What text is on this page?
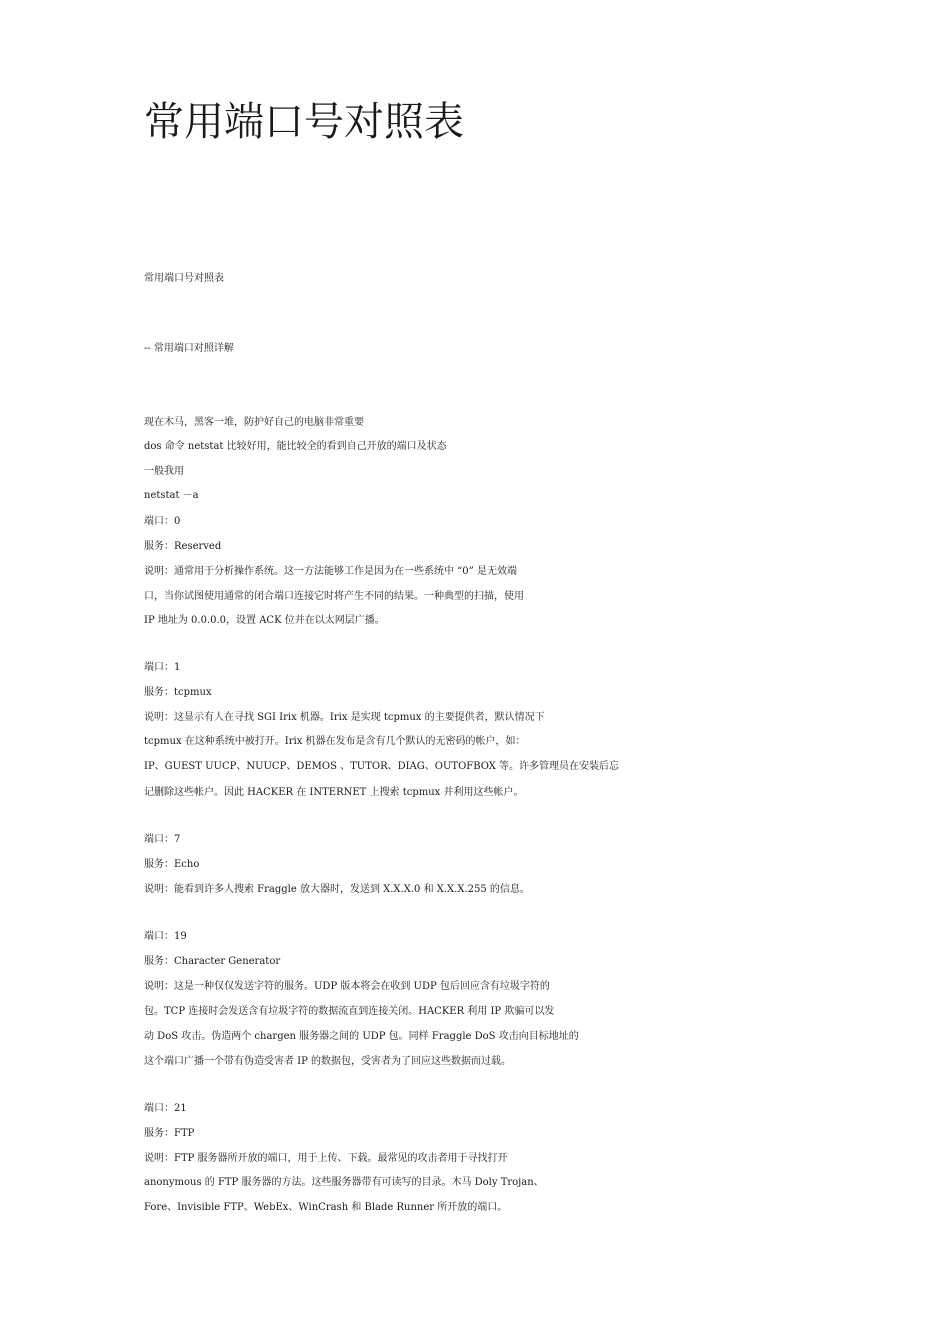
常用端口号对照表

常用端口号对照表

-- 常用端口对照详解

现在木马，黑客一堆，防护好自己的电脑非常重要

dos 命令 netstat 比较好用，能比较全的看到自己开放的端口及状态

一般我用

netstat －a

端口：0

服务：Reserved

说明：通常用于分析操作系统。这一方法能够工作是因为在一些系统中 “0” 是无效端

口，当你试图使用通常的闭合端口连接它时将产生不同的结果。一种典型的扫描，使用

IP 地址为 0.0.0.0，设置 ACK 位并在以太网层广播。

端口：1

服务：tcpmux

说明：这显示有人在寻找 SGI Irix 机器。Irix 是实现 tcpmux 的主要提供者，默认情况下

tcpmux 在这种系统中被打开。Irix 机器在发布是含有几个默认的无密码的帐户，如：

IP、GUEST UUCP、NUUCP、DEMOS 、TUTOR、DIAG、OUTOFBOX 等。许多管理员在安装后忘

记删除这些帐户。因此 HACKER 在 INTERNET 上搜索 tcpmux 并利用这些帐户。

端口：7

服务：Echo

说明：能看到许多人搜索 Fraggle 放大器时，发送到 X.X.X.0 和 X.X.X.255 的信息。

端口：19

服务：Character Generator

说明：这是一种仅仅发送字符的服务。UDP 版本将会在收到 UDP 包后回应含有垃圾字符的

包。TCP 连接时会发送含有垃圾字符的数据流直到连接关闭。HACKER 利用 IP 欺骗可以发

动 DoS 攻击。伪造两个 chargen 服务器之间的 UDP 包。同样 Fraggle DoS 攻击向目标地址的

这个端口广播一个带有伪造受害者 IP 的数据包，受害者为了回应这些数据而过载。

端口：21

服务：FTP

说明：FTP 服务器所开放的端口，用于上传、下载。最常见的攻击者用于寻找打开

anonymous 的 FTP 服务器的方法。这些服务器带有可读写的目录。木马 Doly Trojan、

Fore、Invisible FTP、WebEx、WinCrash 和 Blade Runner 所开放的端口。
